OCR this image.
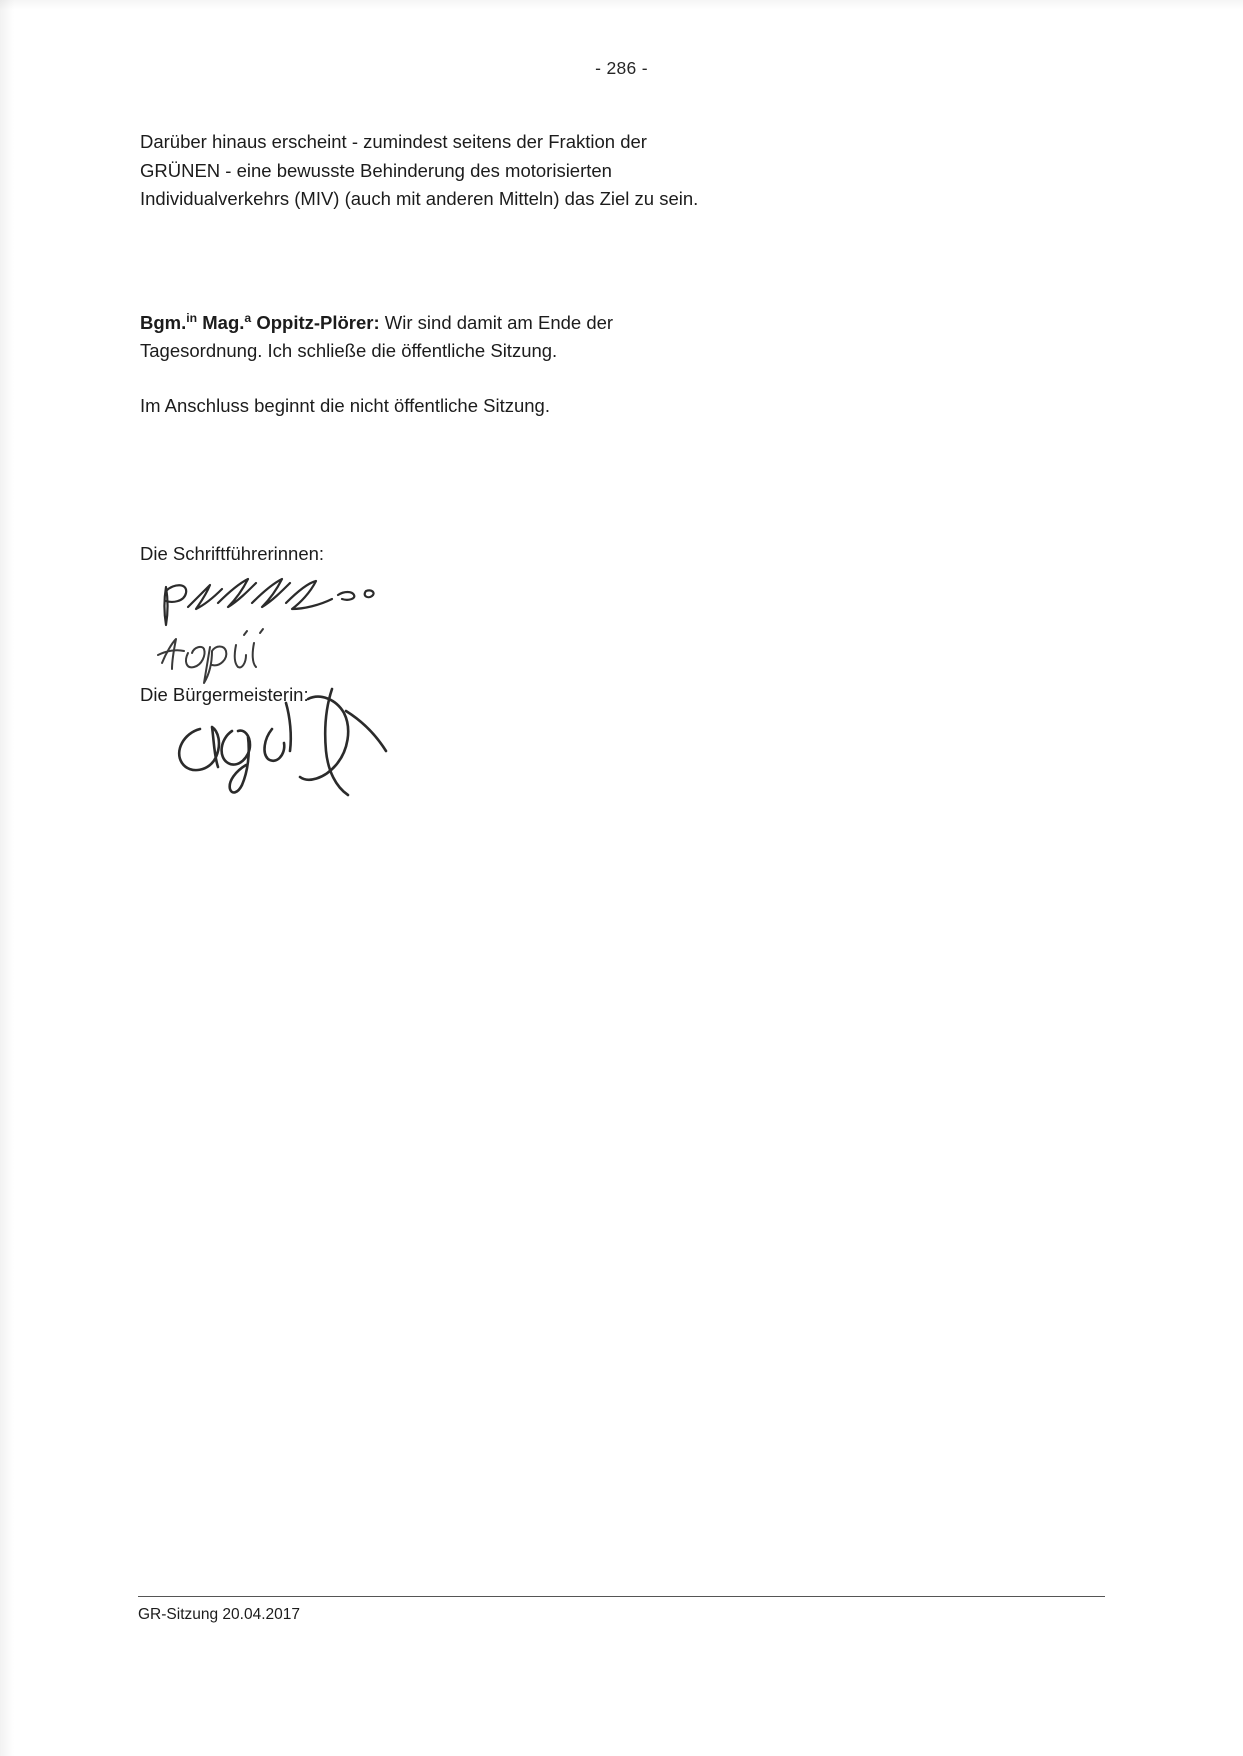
- 286 -

Darüber hinaus erscheint - zumindest seitens der Fraktion der GRÜNEN - eine bewusste Behinderung des motorisierten Individualverkehrs (MIV) (auch mit anderen Mitteln) das Ziel zu sein.

Bgm.$^{in}$ Mag.$^a$ Oppitz-Plörer: Wir sind damit am Ende der Tagesordnung. Ich schließe die öffentliche Sitzung.

Im Anschluss beginnt die nicht öffentliche Sitzung.

Die Schriftführerinnen:

Die Bürgermeisterin:

GR-Sitzung 20.04.2017
